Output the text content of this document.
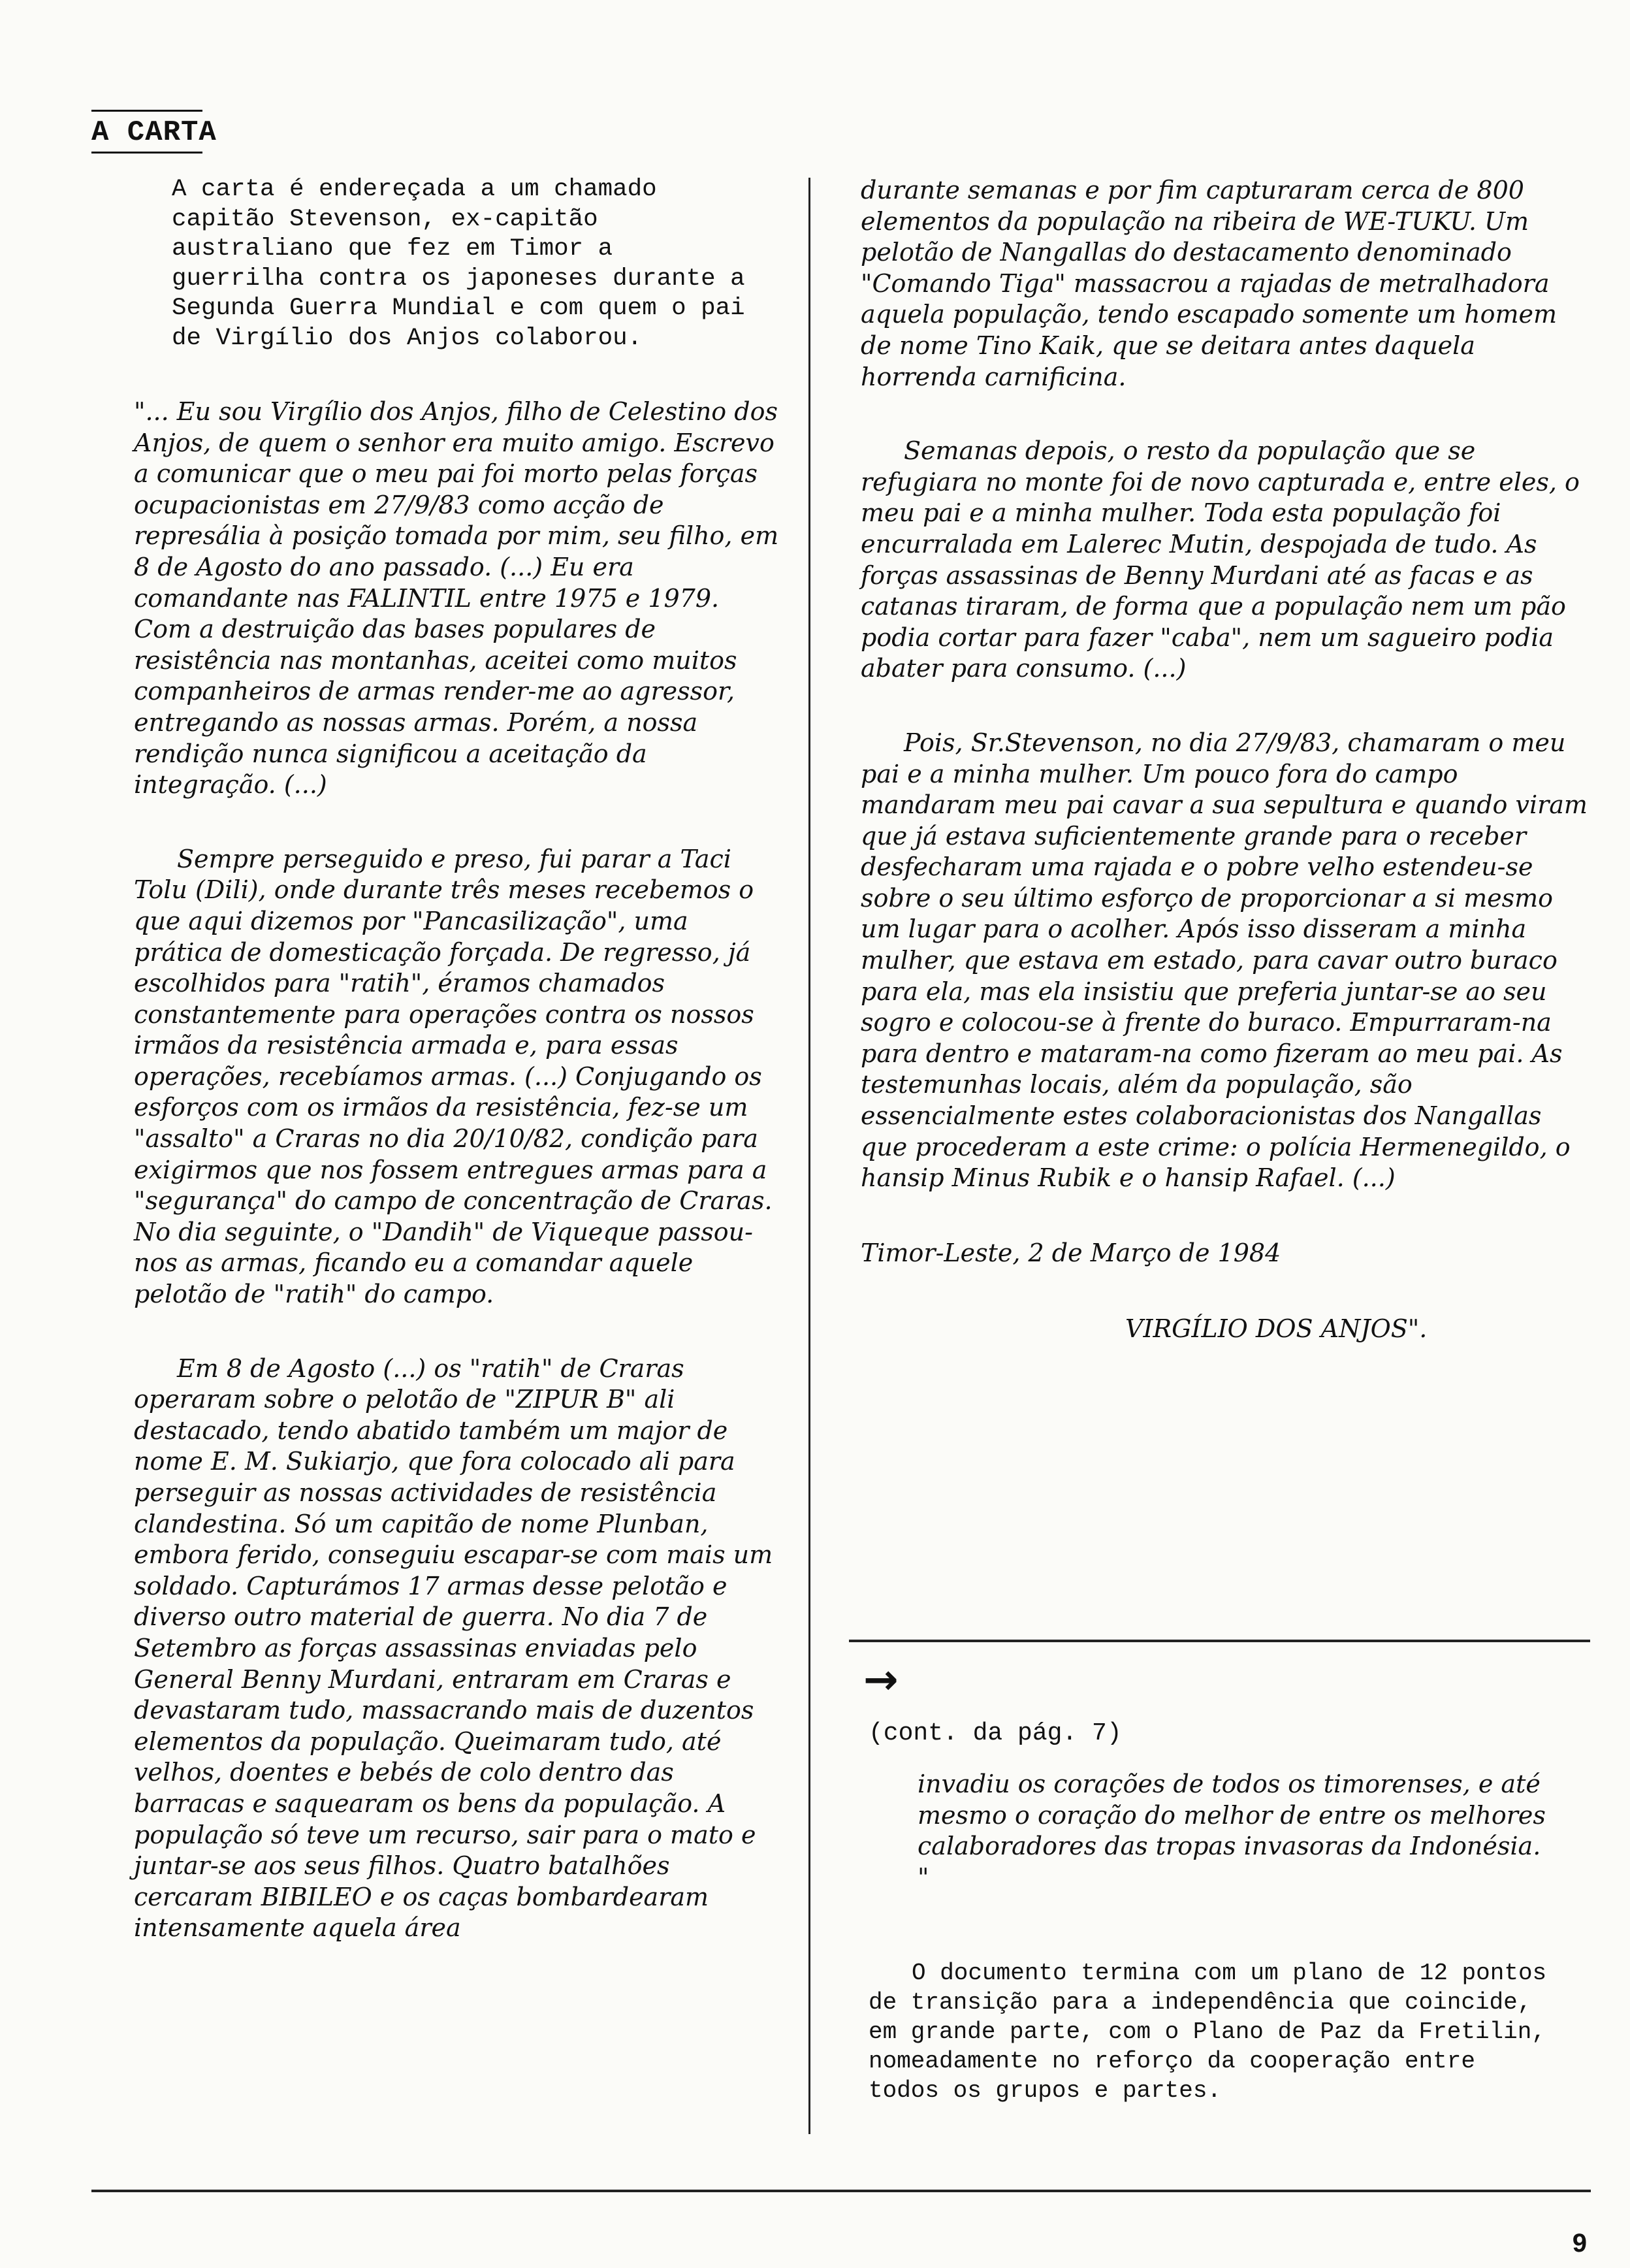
A CARTA

A carta é endereçada a um chamado capitão Stevenson, ex-capitão australiano que fez em Timor a guerrilha contra os japoneses durante a Segunda Guerra Mundial e com quem o pai de Virgílio dos Anjos colaborou.

"... Eu sou Virgílio dos Anjos, filho de Celestino dos Anjos, de quem o senhor era muito amigo. Escrevo a comunicar que o meu pai foi morto pelas forças ocupacionistas em 27/9/83 como acção de represália à posição tomada por mim, seu filho, em 8 de Agosto do ano passado. (...) Eu era comandante nas FALINTIL entre 1975 e 1979. Com a destruição das bases populares de resistência nas montanhas, aceitei como muitos companheiros de armas render-me ao agressor, entregando as nossas armas. Porém, a nossa rendição nunca significou a aceitação da integração. (...)

Sempre perseguido e preso, fui parar a Taci Tolu (Dili), onde durante três meses recebemos o que aqui dizemos por "Pancasilização", uma prática de domesticação forçada. De regresso, já escolhidos para "ratih", éramos chamados constantemente para operações contra os nossos irmãos da resistência armada e, para essas operações, recebíamos armas. (...) Conjugando os esforços com os irmãos da resistência, fez-se um "assalto" a Craras no dia 20/10/82, condição para exigirmos que nos fossem entregues armas para a "segurança" do campo de concentração de Craras. No dia seguinte, o "Dandih" de Viqueque passou-nos as armas, ficando eu a comandar aquele pelotão de "ratih" do campo.

Em 8 de Agosto (...) os "ratih" de Craras operaram sobre o pelotão de "ZIPUR B" ali destacado, tendo abatido também um major de nome E. M. Sukiarjo, que fora colocado ali para perseguir as nossas actividades de resistência clandestina. Só um capitão de nome Plunban, embora ferido, conseguiu escapar-se com mais um soldado. Capturámos 17 armas desse pelotão e diverso outro material de guerra. No dia 7 de Setembro as forças assassinas enviadas pelo General Benny Murdani, entraram em Craras e devastaram tudo, massacrando mais de duzentos elementos da população. Queimaram tudo, até velhos, doentes e bebés de colo dentro das barracas e saquearam os bens da população. A população só teve um recurso, sair para o mato e juntar-se aos seus filhos. Quatro batalhões cercaram BIBILEO e os caças bombardearam intensamente aquela área

durante semanas e por fim capturaram cerca de 800 elementos da população na ribeira de WE-TUKU. Um pelotão de Nangallas do destacamento denominado "Comando Tiga" massacrou a rajadas de metralhadora aquela população, tendo escapado somente um homem de nome Tino Kaik, que se deitara antes daquela horrenda carnificina.

Semanas depois, o resto da população que se refugiara no monte foi de novo capturada e, entre eles, o meu pai e a minha mulher. Toda esta população foi encurralada em Lalerec Mutin, despojada de tudo. As forças assassinas de Benny Murdani até as facas e as catanas tiraram, de forma que a população nem um pão podia cortar para fazer "caba", nem um sagueiro podia abater para consumo. (...)

Pois, Sr.Stevenson, no dia 27/9/83, chamaram o meu pai e a minha mulher. Um pouco fora do campo mandaram meu pai cavar a sua sepultura e quando viram que já estava suficientemente grande para o receber desfecharam uma rajada e o pobre velho estendeu-se sobre o seu último esforço de proporcionar a si mesmo um lugar para o acolher. Após isso disseram a minha mulher, que estava em estado, para cavar outro buraco para ela, mas ela insistiu que preferia juntar-se ao seu sogro e colocou-se à frente do buraco. Empurraram-na para dentro e mataram-na como fizeram ao meu pai. As testemunhas locais, além da população, são essencialmente estes colaboracionistas dos Nangallas que procederam a este crime: o polícia Hermenegildo, o hansip Minus Rubik e o hansip Rafael. (...)

Timor-Leste, 2 de Março de 1984

VIRGÍLIO DOS ANJOS".

→

(cont. da pág. 7)

invadiu os corações de todos os timorenses, e até mesmo o coração do melhor de entre os melhores calaboradores das tropas invasoras da Indonésia. "

O documento termina com um plano de 12 pontos de transição para a independência que coincide, em grande parte, com o Plano de Paz da Fretilin, nomeadamente no reforço da cooperação entre todos os grupos e partes.

9
